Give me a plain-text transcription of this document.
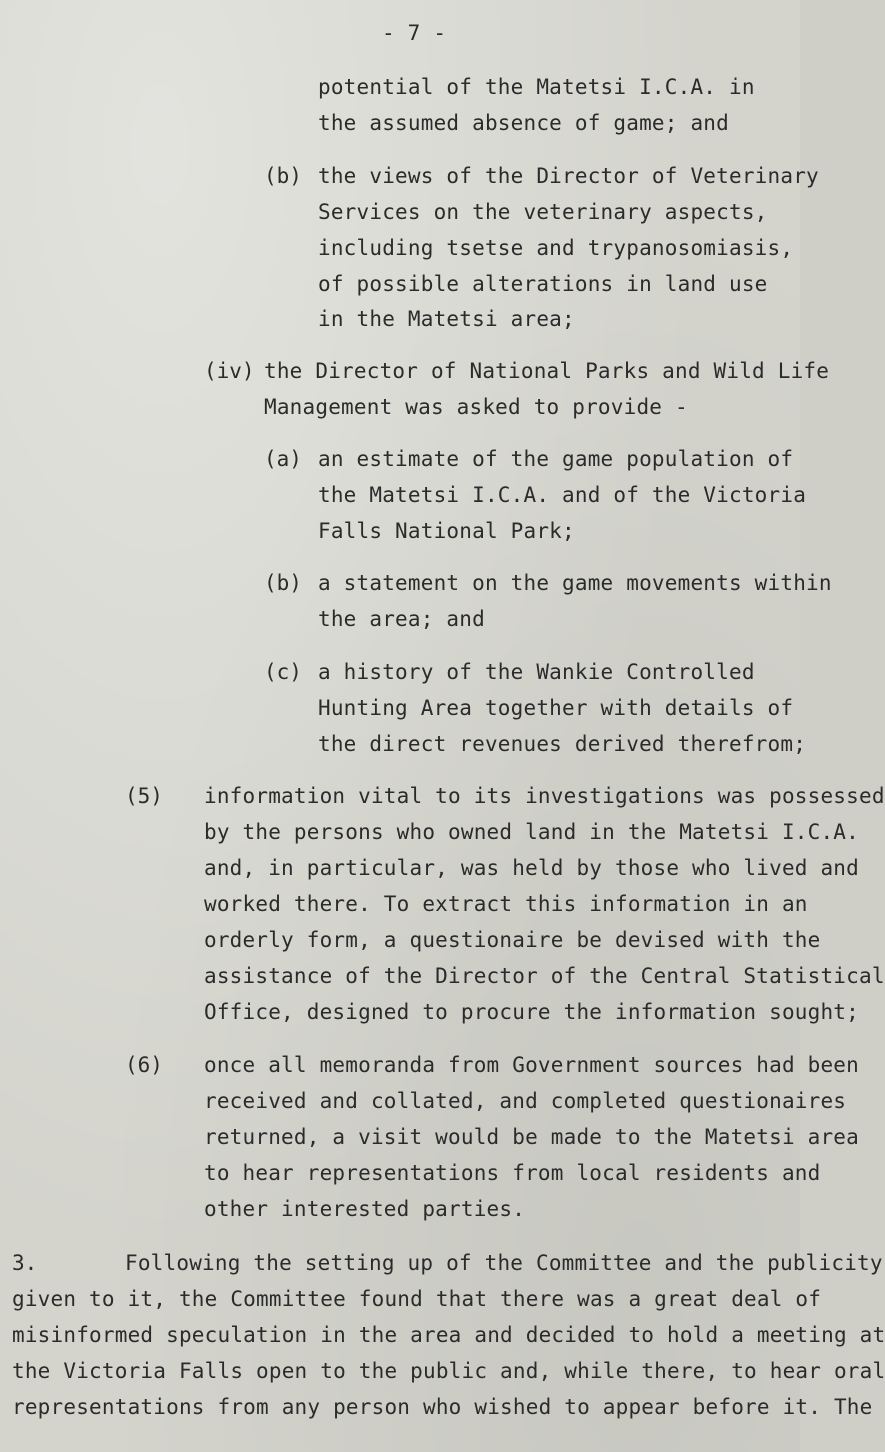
- 7 -
potential of the Matetsi I.C.A. in
the assumed absence of game; and
(b) the views of the Director of Veterinary
Services on the veterinary aspects,
including tsetse and trypanosomiasis,
of possible alterations in land use
in the Matetsi area;
(iv) the Director of National Parks and Wild Life
Management was asked to provide -
(a) an estimate of the game population of
the Matetsi I.C.A. and of the Victoria
Falls National Park;
(b) a statement on the game movements within
the area; and
(c) a history of the Wankie Controlled
Hunting Area together with details of
the direct revenues derived therefrom;
(5) information vital to its investigations was possessed
by the persons who owned land in the Matetsi I.C.A.
and, in particular, was held by those who lived and
worked there. To extract this information in an
orderly form, a questionaire be devised with the
assistance of the Director of the Central Statistical
Office, designed to procure the information sought;
(6) once all memoranda from Government sources had been
received and collated, and completed questionaires
returned, a visit would be made to the Matetsi area
to hear representations from local residents and
other interested parties.
3.	Following the setting up of the Committee and the publicity
given to it, the Committee found that there was a great deal of
misinformed speculation in the area and decided to hold a meeting at
the Victoria Falls open to the public and, while there, to hear oral
representations from any person who wished to appear before it. The
